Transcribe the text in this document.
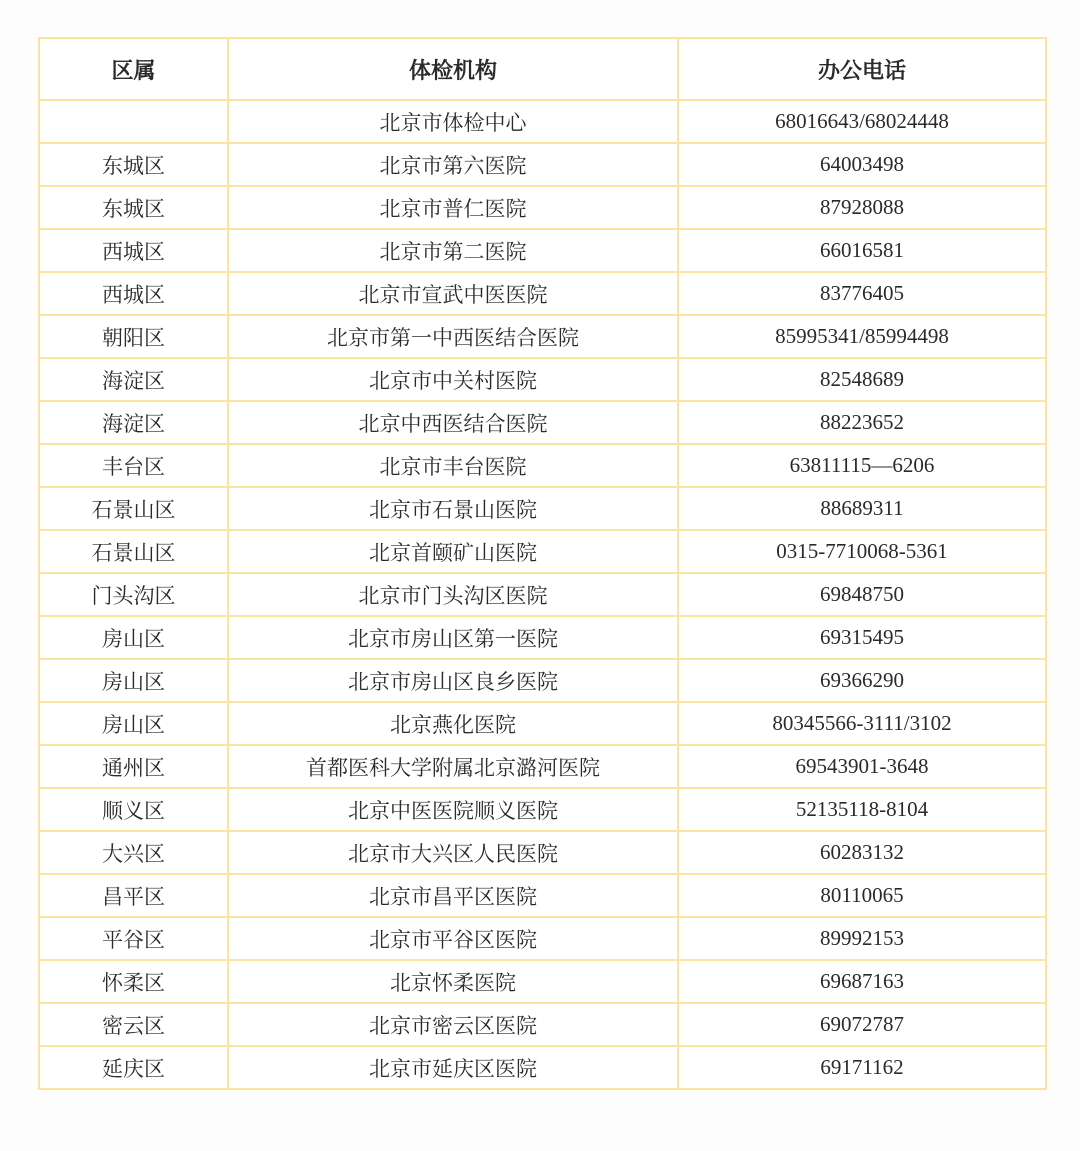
区属	体检机构	办公电话
	北京市体检中心	68016643/68024448
东城区	北京市第六医院	64003498
东城区	北京市普仁医院	87928088
西城区	北京市第二医院	66016581
西城区	北京市宣武中医医院	83776405
朝阳区	北京市第一中西医结合医院	85995341/85994498
海淀区	北京市中关村医院	82548689
海淀区	北京中西医结合医院	88223652
丰台区	北京市丰台医院	63811115—6206
石景山区	北京市石景山医院	88689311
石景山区	北京首颐矿山医院	0315-7710068-5361
门头沟区	北京市门头沟区医院	69848750
房山区	北京市房山区第一医院	69315495
房山区	北京市房山区良乡医院	69366290
房山区	北京燕化医院	80345566-3111/3102
通州区	首都医科大学附属北京潞河医院	69543901-3648
顺义区	北京中医医院顺义医院	52135118-8104
大兴区	北京市大兴区人民医院	60283132
昌平区	北京市昌平区医院	80110065
平谷区	北京市平谷区医院	89992153
怀柔区	北京怀柔医院	69687163
密云区	北京市密云区医院	69072787
延庆区	北京市延庆区医院	69171162
